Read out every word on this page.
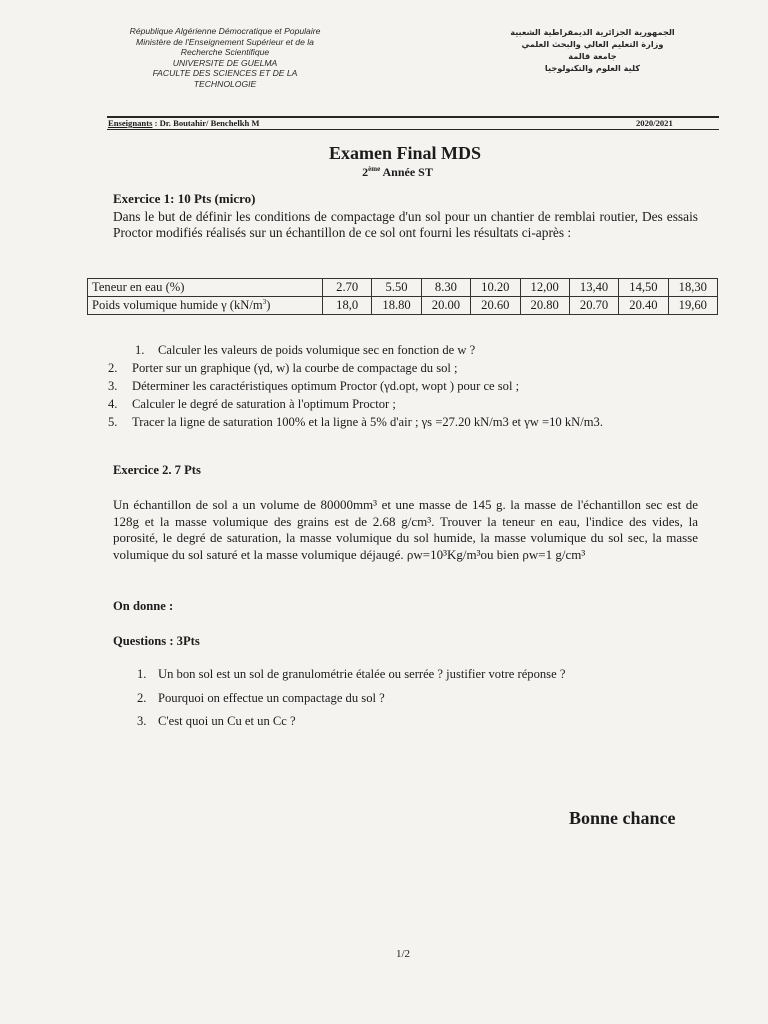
République Algérienne Démocratique et Populaire
Ministère de l'Enseignement Supérieur et de la
Recherche Scientifique
UNIVERSITE DE GUELMA
FACULTE DES SCIENCES ET DE LA
TECHNOLOGIE
الجمهورية الجزائرية الديمقراطية الشعبية
وزارة التعليم العالي والبحث العلمي
جامعة قالمة
كلية العلوم والتكنولوجيا
Enseignants : Dr. Boutahir/ Benchelkh M	2020/2021
Examen Final MDS
2ème Année ST
Exercice 1: 10 Pts (micro)

Dans le but de définir les conditions de compactage d'un sol pour un chantier de remblai routier, Des essais Proctor modifiés réalisés sur un échantillon de ce sol ont fourni les résultats ci-après :

Teneur en eau (%)	2.70	5.50	8.30	10.20	12,00	13,40	14,50	18,30
Poids volumique humide γ $(kN/m^3)$	18,0	18.80	20.00	20.60	20.80	20.70	20.40	19,60
1. Calculer les valeurs de poids volumique sec en fonction de w ?
2. Porter sur un graphique (γd, w) la courbe de compactage du sol ;
3. Déterminer les caractéristiques optimum Proctor (γd.opt, wopt ) pour ce sol ;
4. Calculer le degré de saturation à l'optimum Proctor ;
5. Tracer la ligne de saturation 100% et la ligne à 5% d'air ; γs =27.20 kN/m3 et γw =10 kN/m3.
Exercice 2. 7 Pts

Un échantillon de sol a un volume de 80000mm³ et une masse de 145 g. la masse de l'échantillon sec est de 128g et la masse volumique des grains est de 2.68 g/cm³. Trouver la teneur en eau, l'indice des vides, la porosité, le degré de saturation, la masse volumique du sol humide, la masse volumique du sol sec, la masse volumique du sol saturé et la masse volumique déjaugé. ρw=10³Kg/m³ou bien ρw=1 g/cm³

On donne :
Questions : 3Pts
1. Un bon sol est un sol de granulométrie étalée ou serrée ? justifier votre réponse ?
2. Pourquoi on effectue un compactage du sol ?
3. C'est quoi un Cu et un Cc ?
Bonne chance
1/2
